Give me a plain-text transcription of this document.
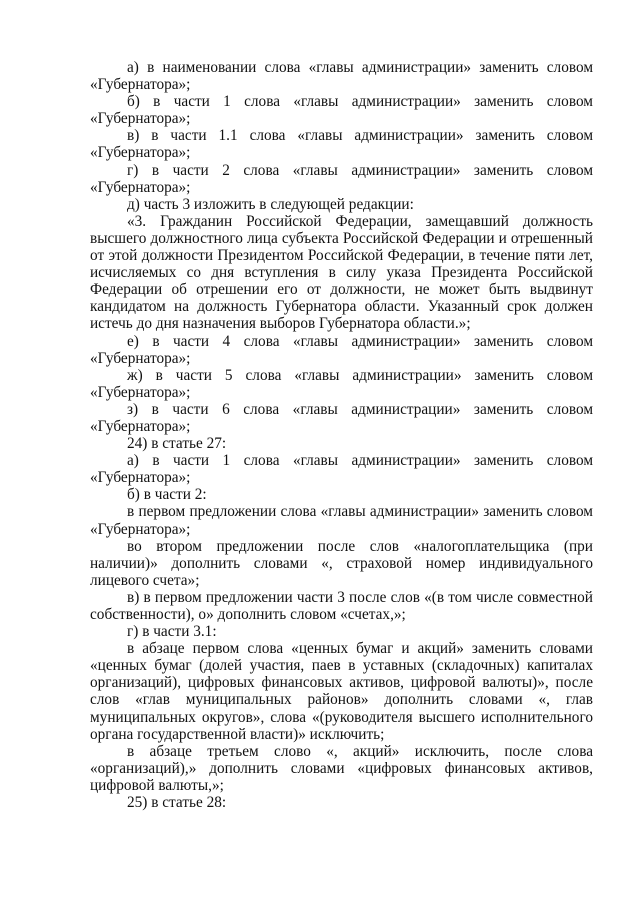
а) в наименовании слова «главы администрации» заменить словом «Губернатора»;

б) в части 1 слова «главы администрации» заменить словом «Губернатора»;

в) в части 1.1 слова «главы администрации» заменить словом «Губернатора»;

г) в части 2 слова «главы администрации» заменить словом «Губернатора»;

д) часть 3 изложить в следующей редакции:

«3. Гражданин Российской Федерации, замещавший должность высшего должностного лица субъекта Российской Федерации и отрешенный от этой должности Президентом Российской Федерации, в течение пяти лет, исчисляемых со дня вступления в силу указа Президента Российской Федерации об отрешении его от должности, не может быть выдвинут кандидатом на должность Губернатора области. Указанный срок должен истечь до дня назначения выборов Губернатора области.»;

е) в части 4 слова «главы администрации» заменить словом «Губернатора»;

ж) в части 5 слова «главы администрации» заменить словом «Губернатора»;

з) в части 6 слова «главы администрации» заменить словом «Губернатора»;

24) в статье 27:

а) в части 1 слова «главы администрации» заменить словом «Губернатора»;

б) в части 2:

в первом предложении слова «главы администрации» заменить словом «Губернатора»;

во втором предложении после слов «налогоплательщика (при наличии)» дополнить словами «, страховой номер индивидуального лицевого счета»;

в) в первом предложении части 3 после слов «(в том числе совместной собственности), о» дополнить словом «счетах,»;

г) в части 3.1:

в абзаце первом слова «ценных бумаг и акций» заменить словами «ценных бумаг (долей участия, паев в уставных (складочных) капиталах организаций), цифровых финансовых активов, цифровой валюты)», после слов «глав муниципальных районов» дополнить словами «, глав муниципальных округов», слова «(руководителя высшего исполнительного органа государственной власти)» исключить;

в абзаце третьем слово «, акций» исключить, после слова «организаций),» дополнить словами «цифровых финансовых активов, цифровой валюты,»;

25) в статье 28:
